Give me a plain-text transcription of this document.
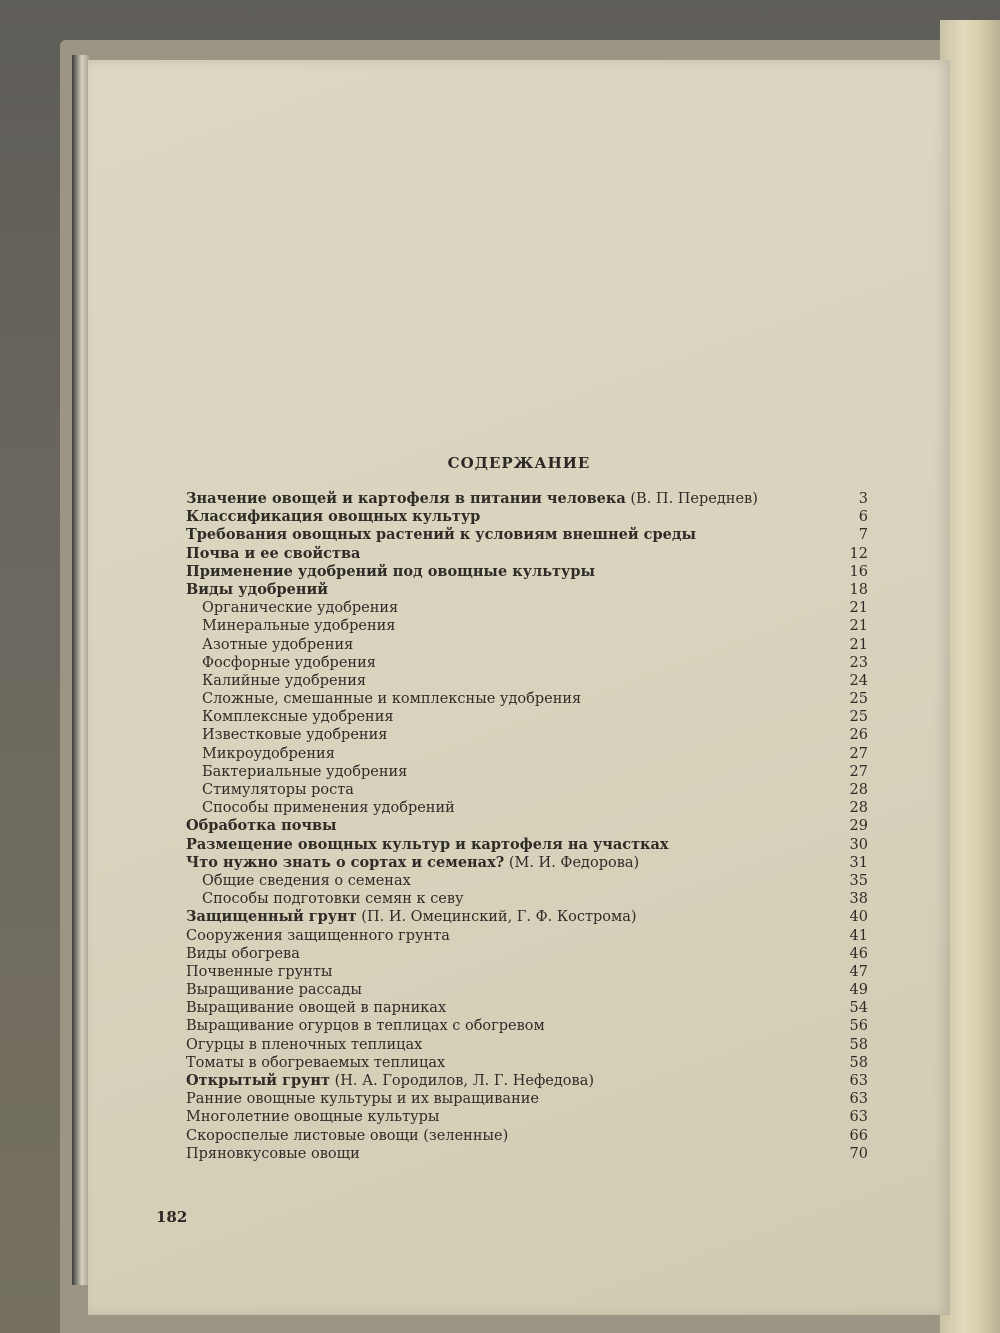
СОДЕРЖАНИЕ
Значение овощей и картофеля в питании человека (В. П. Переднев)	3
Классификация овощных культур	6
Требования овощных растений к условиям внешней среды	7
Почва и ее свойства	12
Применение удобрений под овощные культуры	16
Виды удобрений	18
Органические удобрения	21
Минеральные удобрения	21
Азотные удобрения	21
Фосфорные удобрения	23
Калийные удобрения	24
Сложные, смешанные и комплексные удобрения	25
Комплексные удобрения	25
Известковые удобрения	26
Микроудобрения	27
Бактериальные удобрения	27
Стимуляторы роста	28
Способы применения удобрений	28
Обработка почвы	29
Размещение овощных культур и картофеля на участках	30
Что нужно знать о сортах и семенах? (М. И. Федорова)	31
Общие сведения о семенах	35
Способы подготовки семян к севу	38
Защищенный грунт (П. И. Омецинский, Г. Ф. Кострома)	40
Сооружения защищенного грунта	41
Виды обогрева	46
Почвенные грунты	47
Выращивание рассады	49
Выращивание овощей в парниках	54
Выращивание огурцов в теплицах с обогревом	56
Огурцы в пленочных теплицах	58
Томаты в обогреваемых теплицах	58
Открытый грунт (Н. А. Городилов, Л. Г. Нефедова)	63
Ранние овощные культуры и их выращивание	63
Многолетние овощные культуры	63
Скороспелые листовые овощи (зеленные)	66
Пряновкусовые овощи	70
182
